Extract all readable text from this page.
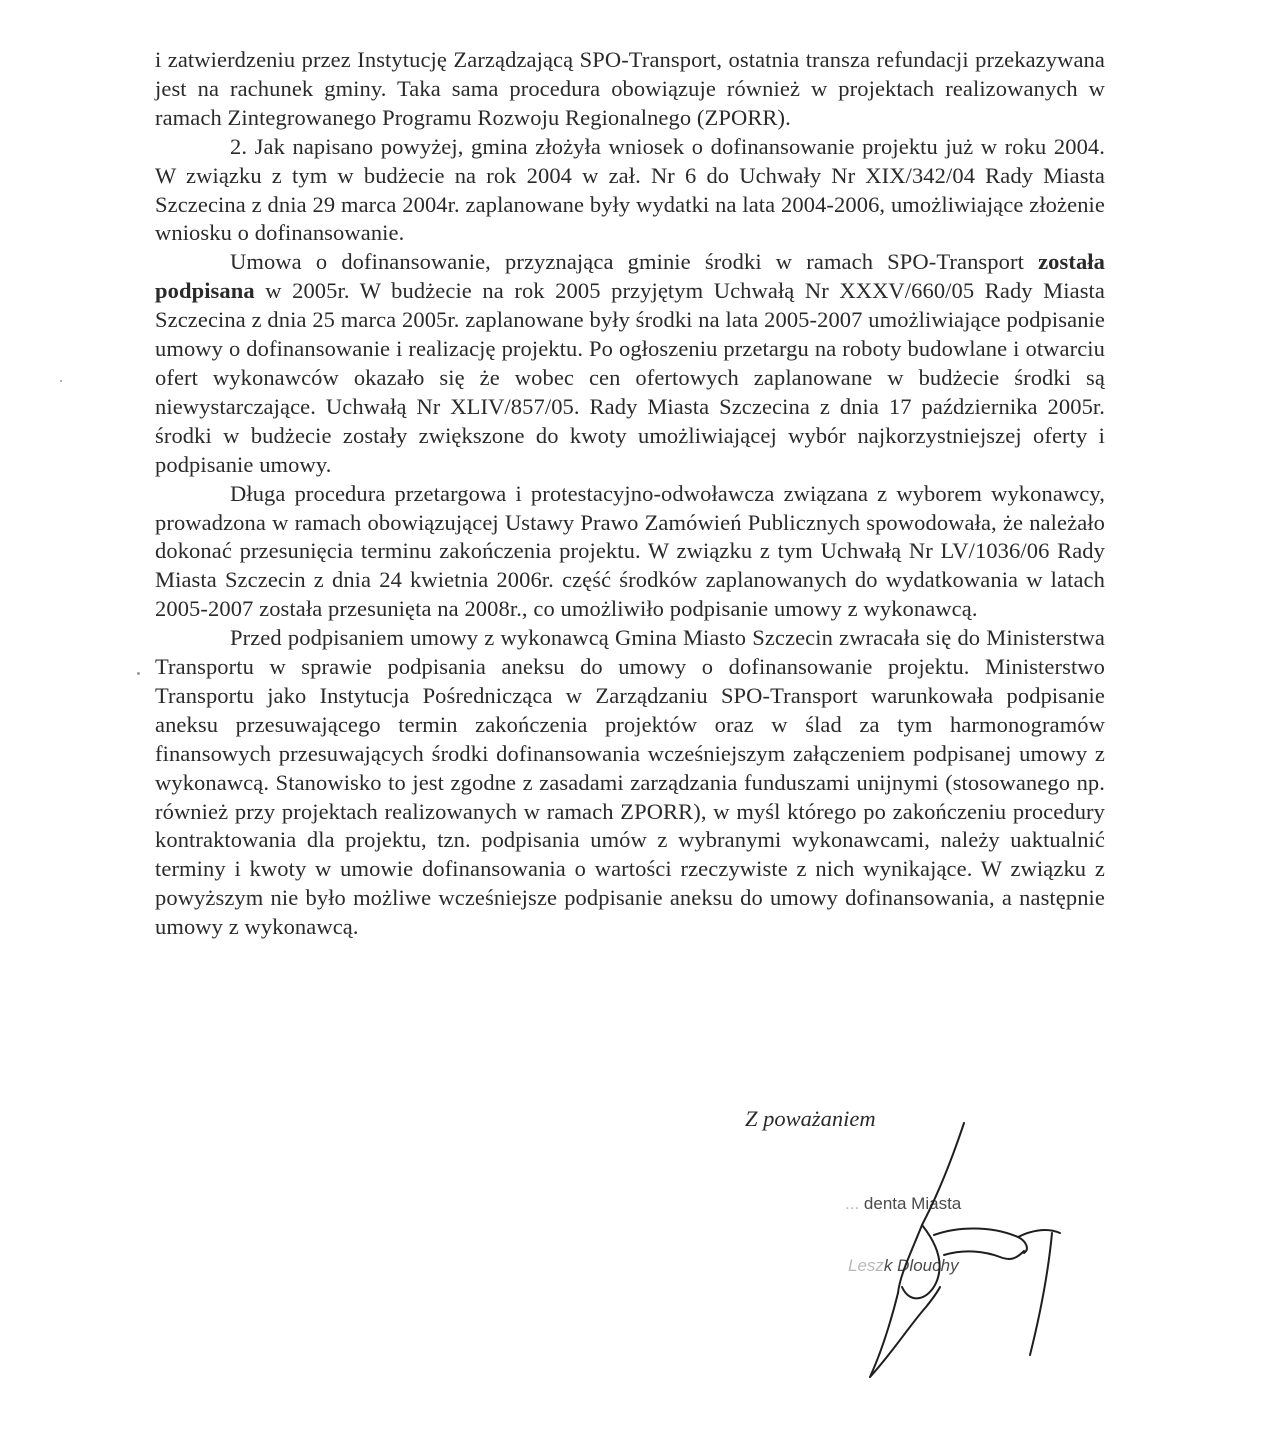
i zatwierdzeniu przez Instytucję Zarządzającą SPO-Transport, ostatnia transza refundacji przekazywana jest na rachunek gminy. Taka sama procedura obowiązuje również w projektach realizowanych w ramach Zintegrowanego Programu Rozwoju Regionalnego (ZPORR).

2. Jak napisano powyżej, gmina złożyła wniosek o dofinansowanie projektu już w roku 2004. W związku z tym w budżecie na rok 2004 w zał. Nr 6 do Uchwały Nr XIX/342/04 Rady Miasta Szczecina z dnia 29 marca 2004r. zaplanowane były wydatki na lata 2004-2006, umożliwiające złożenie wniosku o dofinansowanie.

Umowa o dofinansowanie, przyznająca gminie środki w ramach SPO-Transport została podpisana w 2005r. W budżecie na rok 2005 przyjętym Uchwałą Nr XXXV/660/05 Rady Miasta Szczecina z dnia 25 marca 2005r. zaplanowane były środki na lata 2005-2007 umożliwiające podpisanie umowy o dofinansowanie i realizację projektu. Po ogłoszeniu przetargu na roboty budowlane i otwarciu ofert wykonawców okazało się że wobec cen ofertowych zaplanowane w budżecie środki są niewystarczające. Uchwałą Nr XLIV/857/05. Rady Miasta Szczecina z dnia 17 października 2005r. środki w budżecie zostały zwiększone do kwoty umożliwiającej wybór najkorzystniejszej oferty i podpisanie umowy.

Długa procedura przetargowa i protestacyjno-odwoławcza związana z wyborem wykonawcy, prowadzona w ramach obowiązującej Ustawy Prawo Zamówień Publicznych spowodowała, że należało dokonać przesunięcia terminu zakończenia projektu. W związku z tym Uchwałą Nr LV/1036/06 Rady Miasta Szczecin z dnia 24 kwietnia 2006r. część środków zaplanowanych do wydatkowania w latach 2005-2007 została przesunięta na 2008r., co umożliwiło podpisanie umowy z wykonawcą.

Przed podpisaniem umowy z wykonawcą Gmina Miasto Szczecin zwracała się do Ministerstwa Transportu w sprawie podpisania aneksu do umowy o dofinansowanie projektu. Ministerstwo Transportu jako Instytucja Pośrednicząca w Zarządzaniu SPO-Transport warunkowała podpisanie aneksu przesuwającego termin zakończenia projektów oraz w ślad za tym harmonogramów finansowych przesuwających środki dofinansowania wcześniejszym załączeniem podpisanej umowy z wykonawcą. Stanowisko to jest zgodne z zasadami zarządzania funduszami unijnymi (stosowanego np. również przy projektach realizowanych w ramach ZPORR), w myśl którego po zakończeniu procedury kontraktowania dla projektu, tzn. podpisania umów z wybranymi wykonawcami, należy uaktualnić terminy i kwoty w umowie dofinansowania o wartości rzeczywiste z nich wynikające. W związku z powyższym nie było możliwe wcześniejsze podpisanie aneksu do umowy dofinansowania, a następnie umowy z wykonawcą.

Z poważaniem

... denta Miasta

Leszk Dlouchy
